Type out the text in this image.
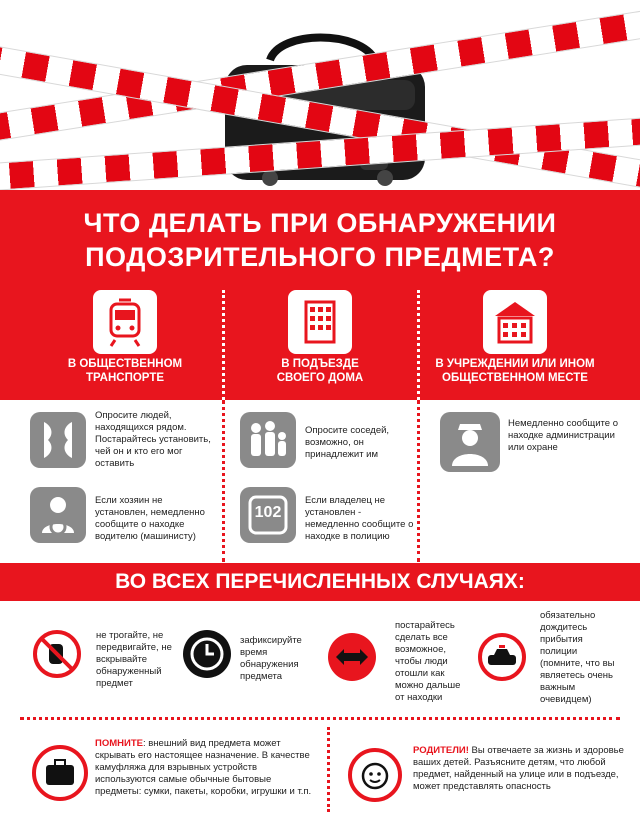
ЧТО ДЕЛАТЬ ПРИ ОБНАРУЖЕНИИ
ПОДОЗРИТЕЛЬНОГО ПРЕДМЕТА?
В ОБЩЕСТВЕННОМ
ТРАНСПОРТЕ
В ПОДЪЕЗДЕ
СВОЕГО ДОМА
В УЧРЕЖДЕНИИ ИЛИ ИНОМ
ОБЩЕСТВЕННОМ МЕСТЕ
Опросите людей, находящихся рядом. Постарайтесь установить, чей он и кто его мог оставить
Если хозяин не установлен, немедленно сообщите о находке водителю (машинисту)
Опросите соседей, возможно, он принадлежит им
102
Если владелец не установлен - немедленно сообщите о находке в полицию
Немедленно сообщите о находке администрации или охране
ВО ВСЕХ ПЕРЕЧИСЛЕННЫХ СЛУЧАЯХ:
не трогайте, не передвигайте, не вскрывайте обнаруженный предмет
зафиксируйте время обнаружения предмета
постарайтесь сделать все возможное, чтобы люди отошли как можно дальше от находки
обязательно дождитесь прибытия полиции (помните, что вы являетесь очень важным очевидцем)
ПОМНИТЕ: внешний вид предмета может скрывать его настоящее назначение. В качестве камуфляжа для взрывных устройств используются самые обычные бытовые предметы: сумки, пакеты, коробки, игрушки и т.п.
РОДИТЕЛИ! Вы отвечаете за жизнь и здоровье ваших детей. Разъясните детям, что любой предмет, найденный на улице или в подъезде, может представлять опасность
